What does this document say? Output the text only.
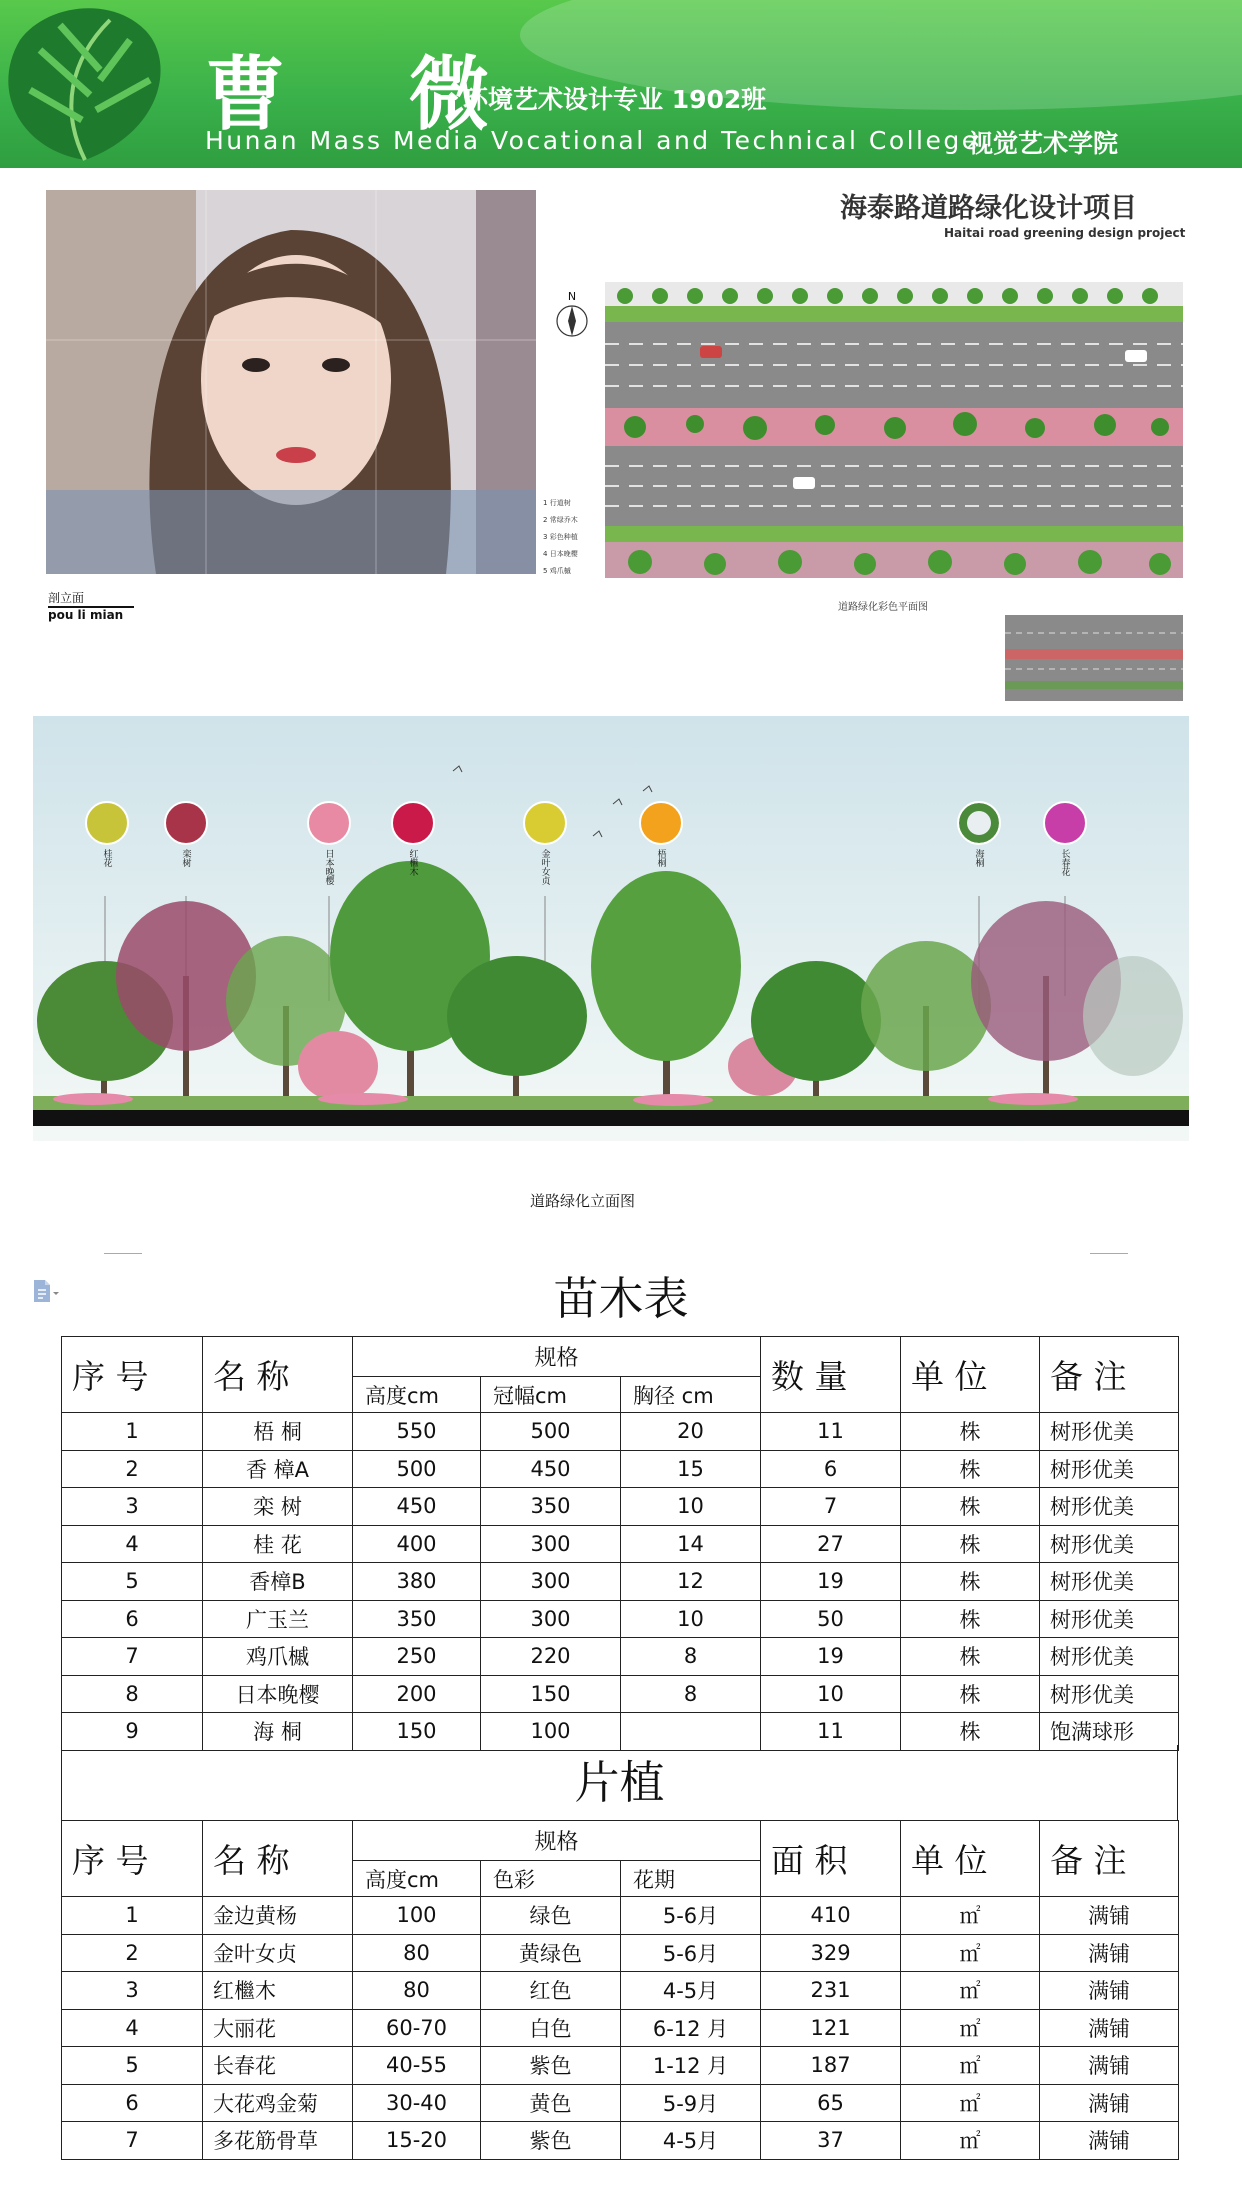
曹 微
环境艺术设计专业 1902班
Hunan Mass Media Vocational and Technical College
视觉艺术学院
剖立面
pou li mian
海泰路道路绿化设计项目
Haitai road greening design project
N
1 行道树
2 常绿乔木
3 彩色种植
4 日本晚樱
5 鸡爪槭
道路绿化彩色平面图
桂花	栾树	日本晚樱	红檵木	金叶女贞	梧桐	海桐	长春花
道路绿化立面图
苗木表
序 号	名 称	规格			数 量	单 位	备 注
		高度cm	冠幅cm	胸径 cm			
1	梧 桐	550	500	20	11	株	树形优美
2	香 樟A	500	450	15	6	株	树形优美
3	栾 树	450	350	10	7	株	树形优美
4	桂 花	400	300	14	27	株	树形优美
5	香樟B	380	300	12	19	株	树形优美
6	广玉兰	350	300	10	50	株	树形优美
7	鸡爪槭	250	220	8	19	株	树形优美
8	日本晚樱	200	150	8	10	株	树形优美
9	海 桐	150	100		11	株	饱满球形
片植
序 号	名 称	规格			面 积	单 位	备 注
		高度cm	色彩	花期			
1	金边黄杨	100	绿色	5-6月	410	㎡	满铺
2	金叶女贞	80	黄绿色	5-6月	329	㎡	满铺
3	红檵木	80	红色	4-5月	231	㎡	满铺
4	大丽花	60-70	白色	6-12 月	121	㎡	满铺
5	长春花	40-55	紫色	1-12 月	187	㎡	满铺
6	大花鸡金菊	30-40	黄色	5-9月	65	㎡	满铺
7	多花筋骨草	15-20	紫色	4-5月	37	㎡	满铺
